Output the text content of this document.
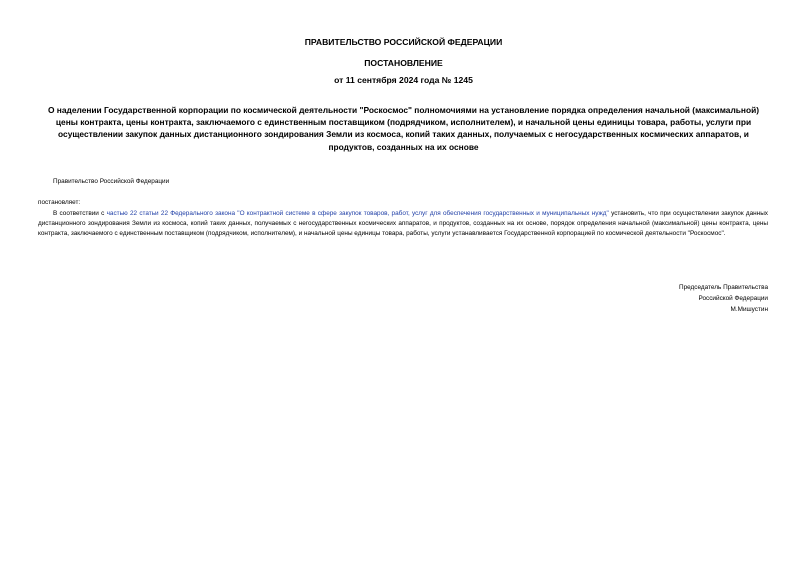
ПРАВИТЕЛЬСТВО РОССИЙСКОЙ ФЕДЕРАЦИИ
ПОСТАНОВЛЕНИЕ
от 11 сентября 2024 года № 1245
О наделении Государственной корпорации по космической деятельности "Роскосмос" полномочиями на установление порядка определения начальной (максимальной) цены контракта, цены контракта, заключаемого с единственным поставщиком (подрядчиком, исполнителем), и начальной цены единицы товара, работы, услуги при осуществлении закупок данных дистанционного зондирования Земли из космоса, копий таких данных, получаемых с негосударственных космических аппаратов, и продуктов, созданных на их основе
Правительство Российской Федерации
постановляет:
В соответствии с частью 22 статьи 22 Федерального закона "О контрактной системе в сфере закупок товаров, работ, услуг для обеспечения государственных и муниципальных нужд" установить, что при осуществлении закупок данных дистанционного зондирования Земли из космоса, копий таких данных, получаемых с негосударственных космических аппаратов, и продуктов, созданных на их основе, порядок определения начальной (максимальной) цены контракта, цены контракта, заключаемого с единственным поставщиком (подрядчиком, исполнителем), и начальной цены единицы товара, работы, услуги устанавливается Государственной корпорацией по космической деятельности "Роскосмос".
Председатель Правительства
Российской Федерации
М.Мишустин
